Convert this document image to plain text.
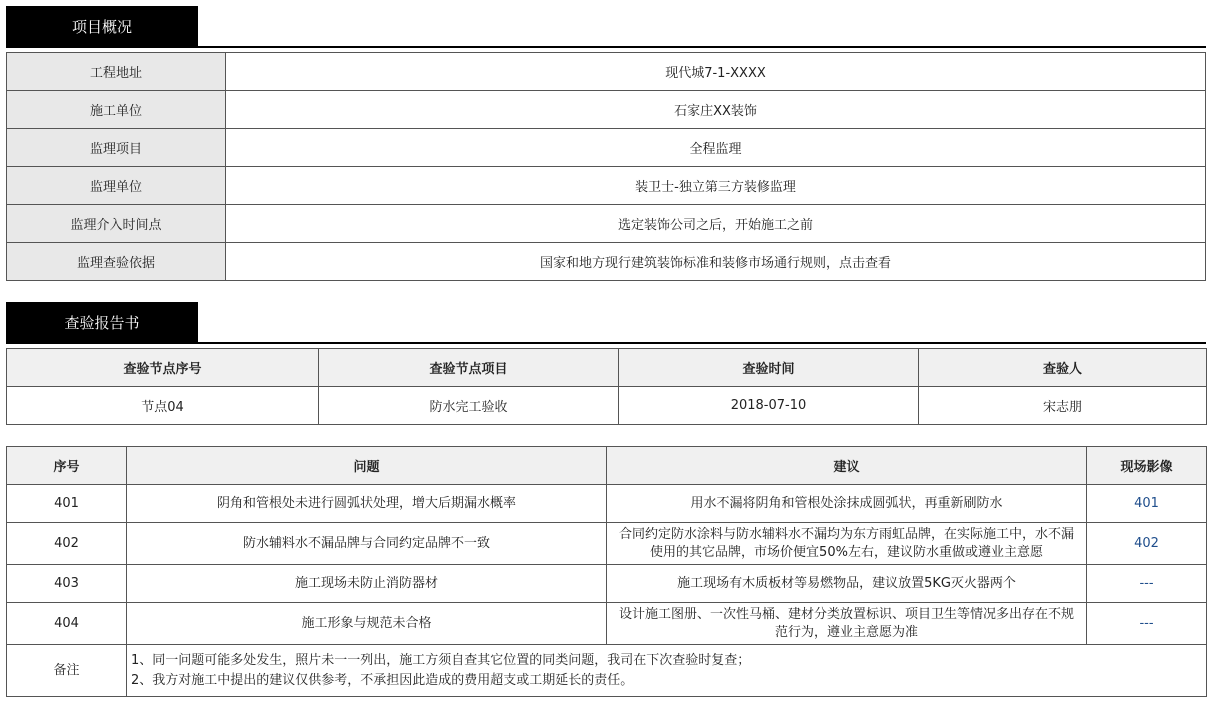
项目概况
工程地址	现代城7-1-XXXX
施工单位	石家庄XX装饰
监理项目	全程监理
监理单位	装卫士-独立第三方装修监理
监理介入时间点	选定装饰公司之后，开始施工之前
监理查验依据	国家和地方现行建筑装饰标准和装修市场通行规则，点击查看
查验报告书
查验节点序号	查验节点项目	查验时间	查验人
节点04	防水完工验收	2018-07-10	宋志朋
序号	问题	建议	现场影像
401	阴角和管根处未进行圆弧状处理，增大后期漏水概率	用水不漏将阴角和管根处涂抹成圆弧状，再重新刷防水	401
402	防水辅料水不漏品牌与合同约定品牌不一致	合同约定防水涂料与防水辅料水不漏均为东方雨虹品牌，在实际施工中，水不漏使用的其它品牌，市场价便宜50%左右，建议防水重做或遵业主意愿	402
403	施工现场未防止消防器材	施工现场有木质板材等易燃物品，建议放置5KG灭火器两个	---
404	施工形象与规范未合格	设计施工图册、一次性马桶、建材分类放置标识、项目卫生等情况多出存在不规范行为，遵业主意愿为准	---
备注	1、同一问题可能多处发生，照片未一一列出，施工方须自查其它位置的同类问题，我司在下次查验时复查；
2、我方对施工中提出的建议仅供参考，不承担因此造成的费用超支或工期延长的责任。		
